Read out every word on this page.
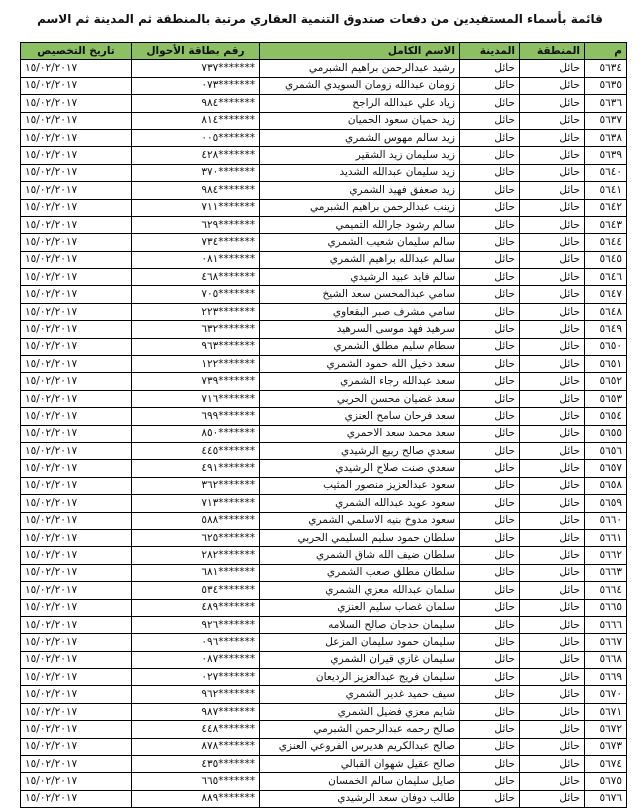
قائمة بأسماء المستفيدين من دفعات صندوق التنمية العقاري مرتبة بالمنطقة ثم المدينة ثم الاسم
م	المنطقة	المدينة	الاسم الكامل	رقم بطاقة الأحوال	تاريخ التخصيص
٥٦٣٤	حائل	حائل	رشيد عبدالرحمن براهيم الشبرمي	٧٣٧*******	١٥/٠٢/٢٠١٧
٥٦٣٥	حائل	حائل	زومان عبدالله زومان السويدي الشمري	٠٧٣*******	١٥/٠٢/٢٠١٧
٥٦٣٦	حائل	حائل	زياد علي عبدالله الراجح	٩٨٤*******	١٥/٠٢/٢٠١٧
٥٦٣٧	حائل	حائل	زيد حميان سعود الحميان	٨١٤*******	١٥/٠٢/٢٠١٧
٥٦٣٨	حائل	حائل	زيد سالم مهوس الشمري	٠٠٥*******	١٥/٠٢/٢٠١٧
٥٦٣٩	حائل	حائل	زيد سليمان زيد الشقير	٤٢٨*******	١٥/٠٢/٢٠١٧
٥٦٤٠	حائل	حائل	زيد سليمان عبدالله الشديد	٣٧٠*******	١٥/٠٢/٢٠١٧
٥٦٤١	حائل	حائل	زيد صعفق فهيد الشمري	٩٨٤*******	١٥/٠٢/٢٠١٧
٥٦٤٢	حائل	حائل	زينب عبدالرحمن براهيم الشبرمي	٧١١*******	١٥/٠٢/٢٠١٧
٥٦٤٣	حائل	حائل	سالم رشود جارالله التميمي	٦٢٩*******	١٥/٠٢/٢٠١٧
٥٦٤٤	حائل	حائل	سالم سليمان شعيب الشمري	٧٣٤*******	١٥/٠٢/٢٠١٧
٥٦٤٥	حائل	حائل	سالم عبدالله براهيم الشمري	٠٨١*******	١٥/٠٢/٢٠١٧
٥٦٤٦	حائل	حائل	سالم فايد عبيد الرشيدي	٤٦٨*******	١٥/٠٢/٢٠١٧
٥٦٤٧	حائل	حائل	سامي عبدالمحسن سعد الشيخ	٧٠٥*******	١٥/٠٢/٢٠١٧
٥٦٤٨	حائل	حائل	سامي مشرف صبر البقعاوي	٢٢٣*******	١٥/٠٢/٢٠١٧
٥٦٤٩	حائل	حائل	سرهيد فهد موسى السرهيد	٦٣٢*******	١٥/٠٢/٢٠١٧
٥٦٥٠	حائل	حائل	سطام سليم مطلق الشمري	٩٦٣*******	١٥/٠٢/٢٠١٧
٥٦٥١	حائل	حائل	سعد دخيل الله حمود الشمري	١٢٢*******	١٥/٠٢/٢٠١٧
٥٦٥٢	حائل	حائل	سعد عبدالله رجاء الشمري	٧٣٩*******	١٥/٠٢/٢٠١٧
٥٦٥٣	حائل	حائل	سعد غضيان محسن الحربي	٧١٦*******	١٥/٠٢/٢٠١٧
٥٦٥٤	حائل	حائل	سعد فرحان سامح العنزي	٦٩٩*******	١٥/٠٢/٢٠١٧
٥٦٥٥	حائل	حائل	سعد محمد سعد الاحمري	٨٥٠*******	١٥/٠٢/٢٠١٧
٥٦٥٦	حائل	حائل	سعدي صالح ربيع الرشيدي	٤٤٥*******	١٥/٠٢/٢٠١٧
٥٦٥٧	حائل	حائل	سعدي صنت صلاح الرشيدي	٤٩١*******	١٥/٠٢/٢٠١٧
٥٦٥٨	حائل	حائل	سعود عبدالعزيز منصور المثيب	٣٦٢*******	١٥/٠٢/٢٠١٧
٥٦٥٩	حائل	حائل	سعود عويد عبدالله الشمري	٧١٣*******	١٥/٠٢/٢٠١٧
٥٦٦٠	حائل	حائل	سعود مدوخ بنيه الاسلمي الشمري	٥٨٨*******	١٥/٠٢/٢٠١٧
٥٦٦١	حائل	حائل	سلطان حمود سليم السليمي الحربي	٦٢٥*******	١٥/٠٢/٢٠١٧
٥٦٦٢	حائل	حائل	سلطان ضيف الله شاق الشمري	٢٨٢*******	١٥/٠٢/٢٠١٧
٥٦٦٣	حائل	حائل	سلطان مطلق صعب الشمري	٦٨١*******	١٥/٠٢/٢٠١٧
٥٦٦٤	حائل	حائل	سلمان عبدالله معزي الشمري	٥٣٤*******	١٥/٠٢/٢٠١٧
٥٦٦٥	حائل	حائل	سلمان غصاب سليم العنزي	٤٨٩*******	١٥/٠٢/٢٠١٧
٥٦٦٦	حائل	حائل	سليمان حدجان صالح السلامه	٩٢٦*******	١٥/٠٢/٢٠١٧
٥٦٦٧	حائل	حائل	سليمان حمود سليمان المزعل	٠٩٦*******	١٥/٠٢/٢٠١٧
٥٦٦٨	حائل	حائل	سليمان غازي قيران الشمري	٠٨٧*******	١٥/٠٢/٢٠١٧
٥٦٦٩	حائل	حائل	سليمان فريج عبدالعزيز الرديعان	٠٢٧*******	١٥/٠٢/٢٠١٧
٥٦٧٠	حائل	حائل	سيف حميد غدير الشمري	٩٦٢*******	١٥/٠٢/٢٠١٧
٥٦٧١	حائل	حائل	شايم معزي فضيل الشمري	٩٨٧*******	١٥/٠٢/٢٠١٧
٥٦٧٢	حائل	حائل	صالح رحمه عبدالرحمن الشبرمي	٤٤٨*******	١٥/٠٢/٢٠١٧
٥٦٧٣	حائل	حائل	صالح عبدالكريم هديرس الفروعي العنزي	٨٧٨*******	١٥/٠٢/٢٠١٧
٥٦٧٤	حائل	حائل	صالح عقيل شهوان القبالي	٤٣٥*******	١٥/٠٢/٢٠١٧
٥٦٧٥	حائل	حائل	صايل سليمان سالم الخمسان	٦٦٥*******	١٥/٠٢/٢٠١٧
٥٦٧٦	حائل	حائل	طالب دوفان سعد الرشيدي	٨٨٩*******	١٥/٠٢/٢٠١٧
